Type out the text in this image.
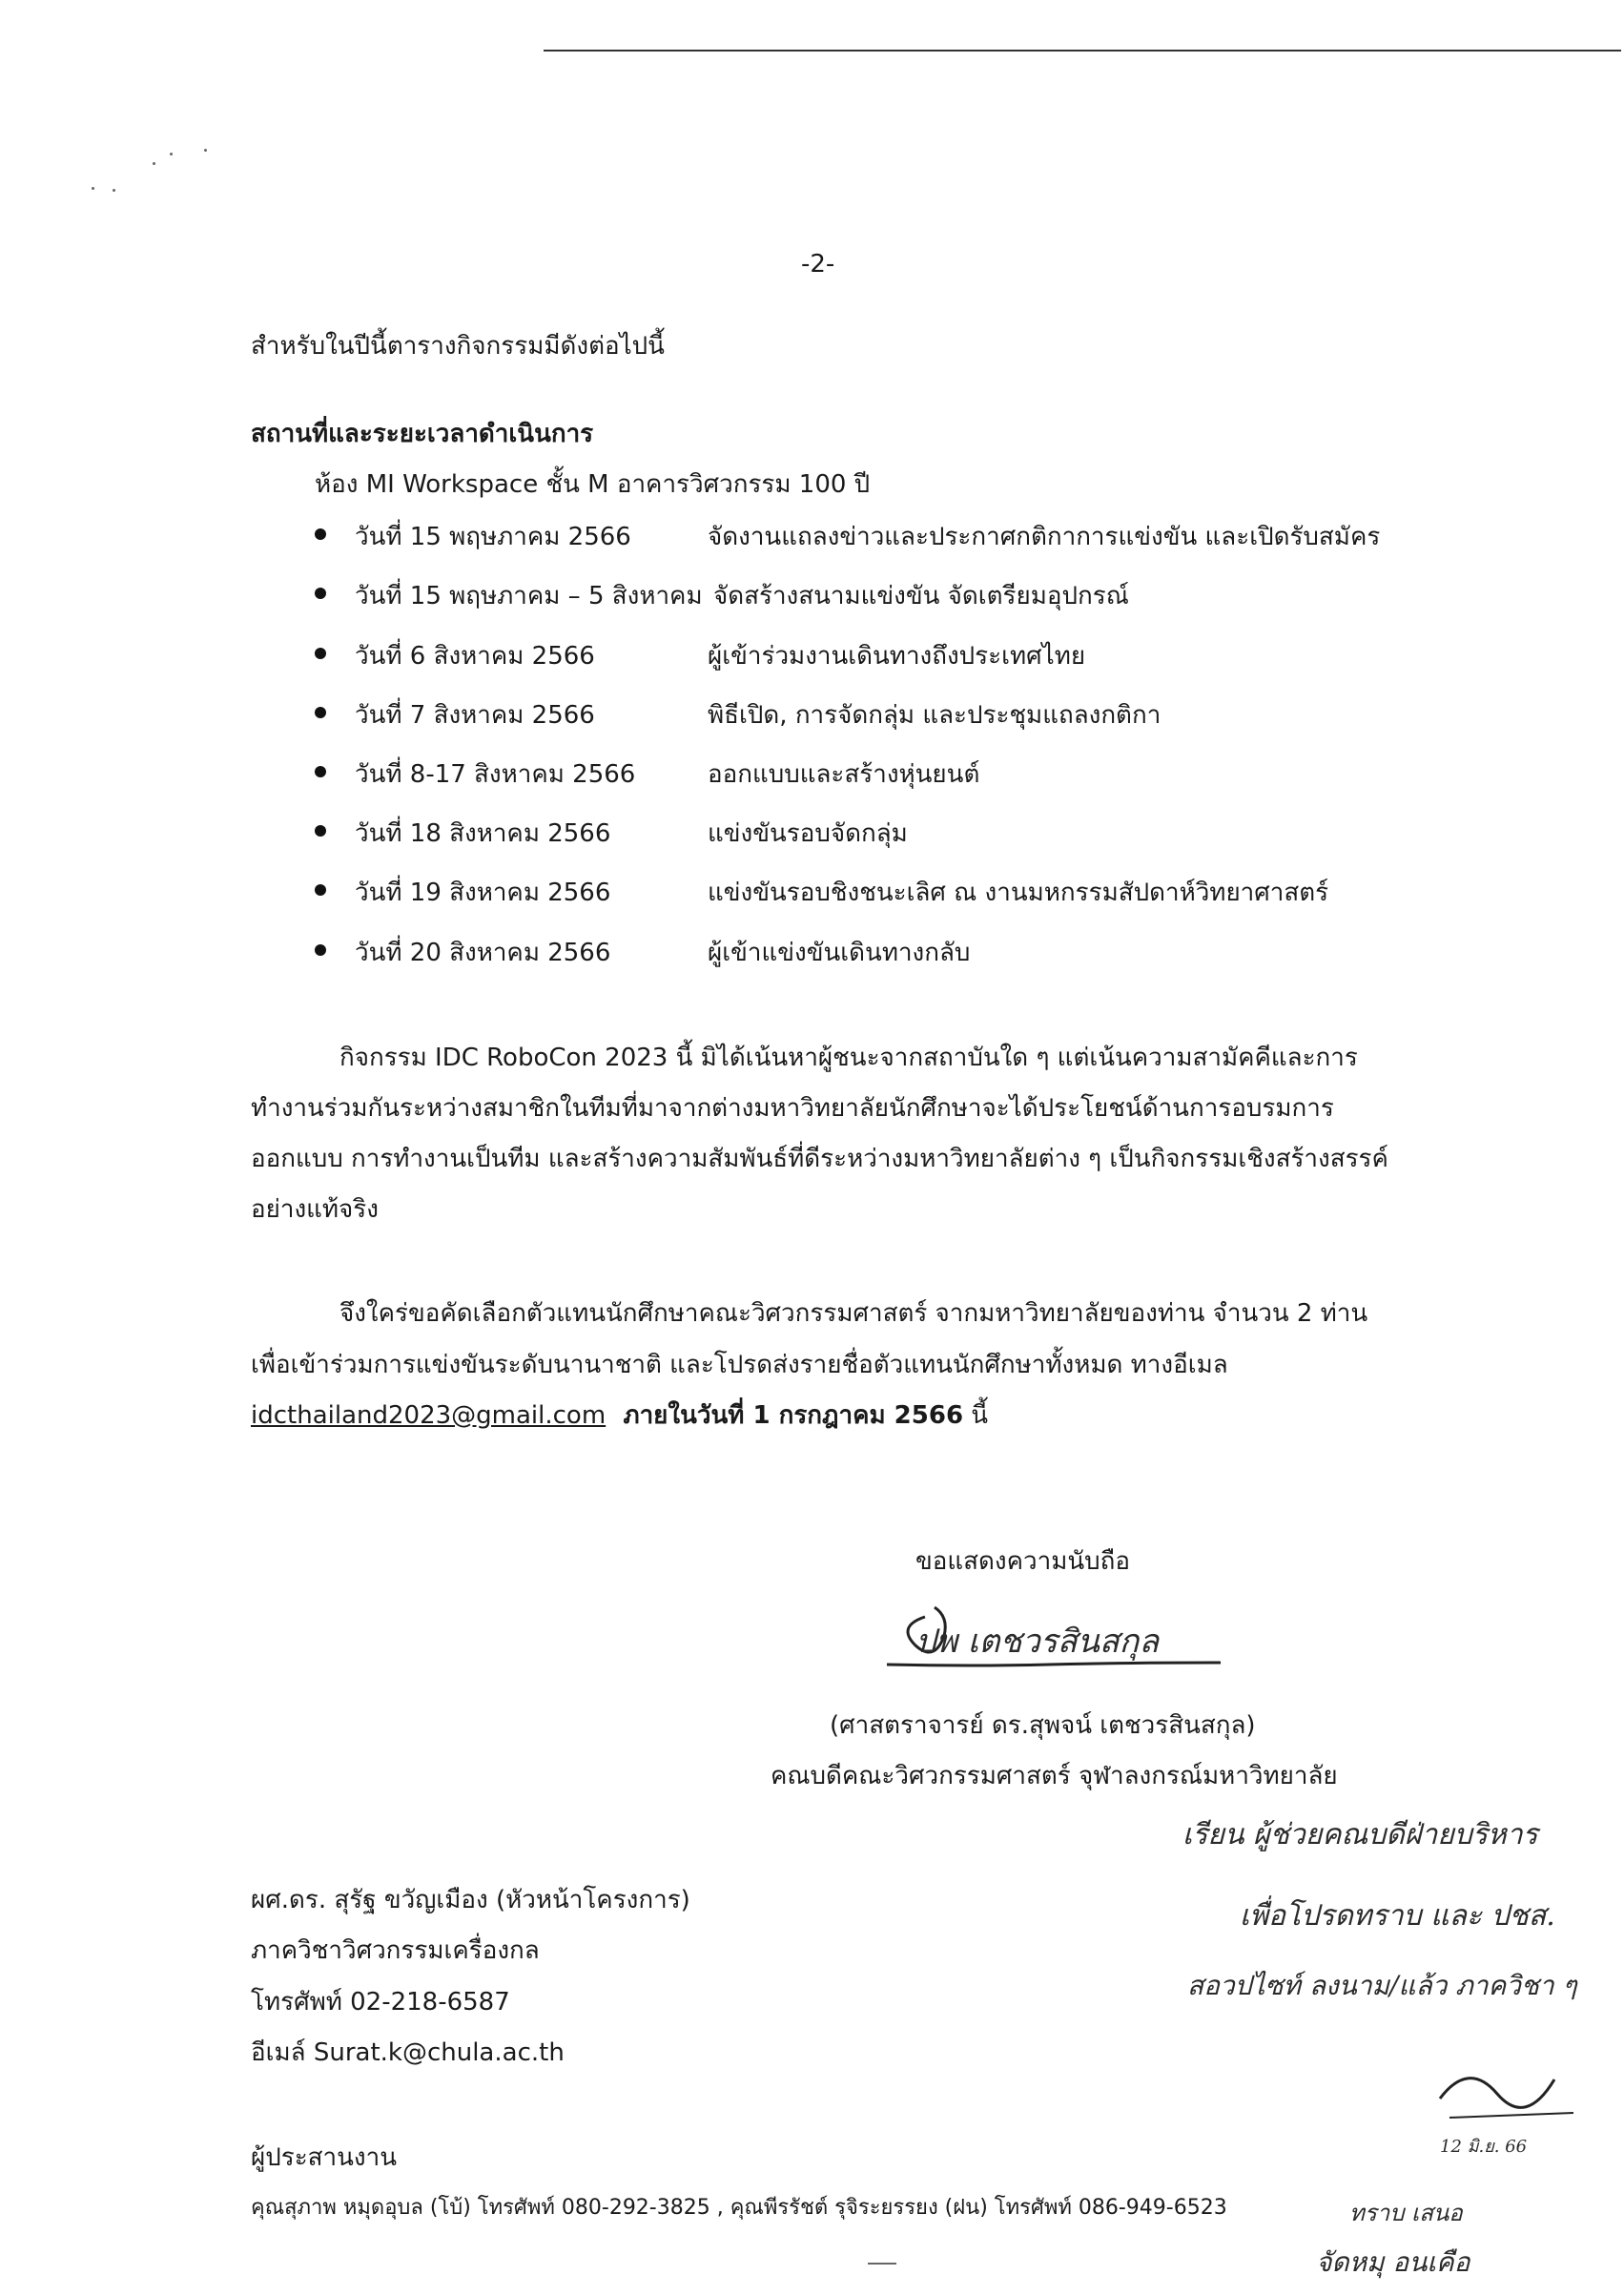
-2-
สำหรับในปีนี้ตารางกิจกรรมมีดังต่อไปนี้
สถานที่และระยะเวลาดำเนินการ
ห้อง MI Workspace ชั้น M อาคารวิศวกรรม 100 ปี
วันที่ 15 พฤษภาคม 2566	จัดงานแถลงข่าวและประกาศกติกาการแข่งขัน และเปิดรับสมัคร
วันที่ 15 พฤษภาคม – 5 สิงหาคม จัดสร้างสนามแข่งขัน จัดเตรียมอุปกรณ์
วันที่ 6 สิงหาคม 2566	ผู้เข้าร่วมงานเดินทางถึงประเทศไทย
วันที่ 7 สิงหาคม 2566	พิธีเปิด, การจัดกลุ่ม และประชุมแถลงกติกา
วันที่ 8-17 สิงหาคม 2566	ออกแบบและสร้างหุ่นยนต์
วันที่ 18 สิงหาคม 2566	แข่งขันรอบจัดกลุ่ม
วันที่ 19 สิงหาคม 2566	แข่งขันรอบชิงชนะเลิศ ณ งานมหกรรมสัปดาห์วิทยาศาสตร์
วันที่ 20 สิงหาคม 2566	ผู้เข้าแข่งขันเดินทางกลับ
กิจกรรม IDC RoboCon 2023 นี้ มิได้เน้นหาผู้ชนะจากสถาบันใด ๆ แต่เน้นความสามัคคีและการ
ทำงานร่วมกันระหว่างสมาชิกในทีมที่มาจากต่างมหาวิทยาลัยนักศึกษาจะได้ประโยชน์ด้านการอบรมการ
ออกแบบ การทำงานเป็นทีม และสร้างความสัมพันธ์ที่ดีระหว่างมหาวิทยาลัยต่าง ๆ เป็นกิจกรรมเชิงสร้างสรรค์
อย่างแท้จริง
จึงใคร่ขอคัดเลือกตัวแทนนักศึกษาคณะวิศวกรรมศาสตร์ จากมหาวิทยาลัยของท่าน จำนวน 2 ท่าน
เพื่อเข้าร่วมการแข่งขันระดับนานาชาติ และโปรดส่งรายชื่อตัวแทนนักศึกษาทั้งหมด ทางอีเมล
idcthailand2023@gmail.com ภายในวันที่ 1 กรกฎาคม 2566 นี้
ขอแสดงความนับถือ
ปพ เตชวรสินสกุล
(ศาสตราจารย์ ดร.สุพจน์ เตชวรสินสกุล)
คณบดีคณะวิศวกรรมศาสตร์ จุฬาลงกรณ์มหาวิทยาลัย
เรียน ผู้ช่วยคณบดีฝ่ายบริหาร
เพื่อโปรดทราบ และ ปชส.
สอวปไซท์ ลงนาม/แล้ว ภาควิชา ๆ
12 มิ.ย. 66
ทราบ เสนอ
จัดหมุ อนเคือ
ผศ.ดร. สุรัฐ ขวัญเมือง (หัวหน้าโครงการ)
ภาควิชาวิศวกรรมเครื่องกล
โทรศัพท์ 02-218-6587
อีเมล์ Surat.k@chula.ac.th
ผู้ประสานงาน
คุณสุภาพ หมุดอุบล (โบ้) โทรศัพท์ 080-292-3825 , คุณพีรรัชต์ รุจิระยรรยง (ฝน) โทรศัพท์ 086-949-6523
